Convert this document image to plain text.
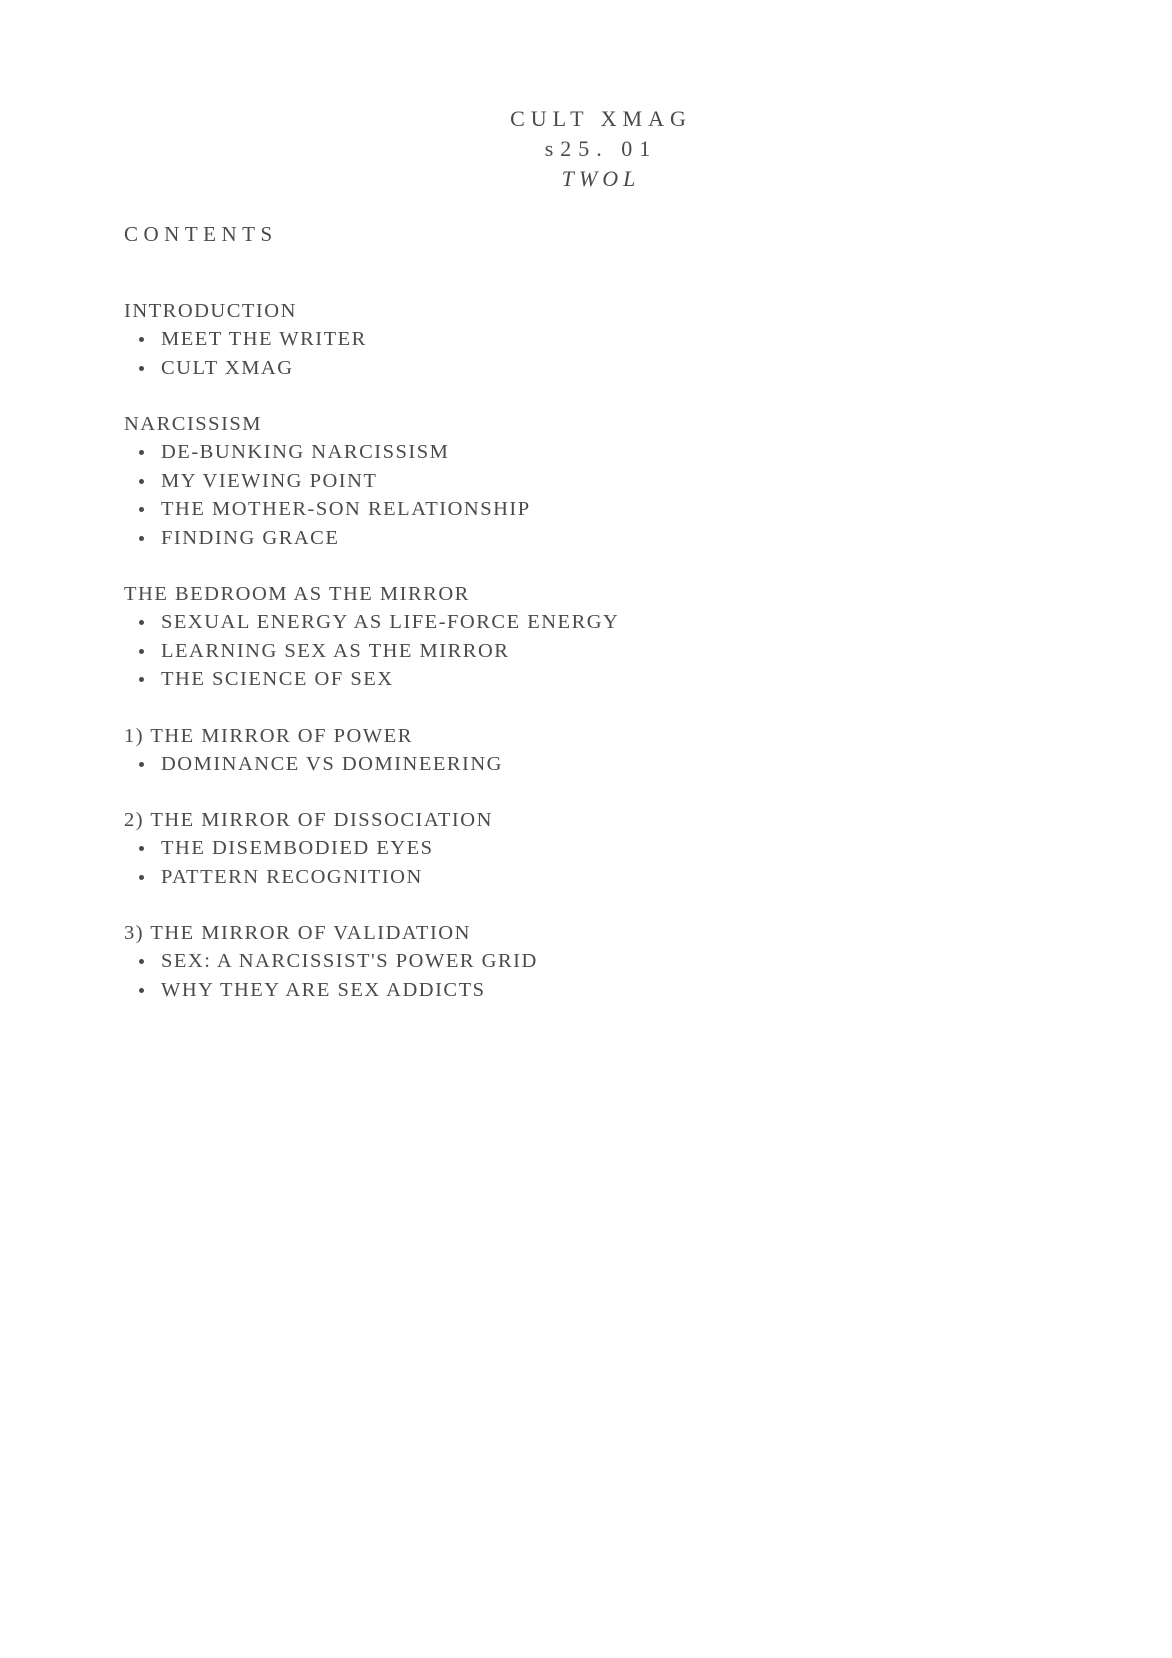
CULT XMAG
s25. 01
TWOL
CONTENTS
INTRODUCTION
MEET THE WRITER
CULT XMAG
NARCISSISM
DE-BUNKING NARCISSISM
MY VIEWING POINT
THE MOTHER-SON RELATIONSHIP
FINDING GRACE
THE BEDROOM AS THE MIRROR
SEXUAL ENERGY AS LIFE-FORCE ENERGY
LEARNING SEX AS THE MIRROR
THE SCIENCE OF SEX
1) THE MIRROR OF POWER
DOMINANCE VS DOMINEERING
2) THE MIRROR OF DISSOCIATION
THE DISEMBODIED EYES
PATTERN RECOGNITION
3) THE MIRROR OF VALIDATION
SEX: A NARCISSIST'S POWER GRID
WHY THEY ARE SEX ADDICTS
